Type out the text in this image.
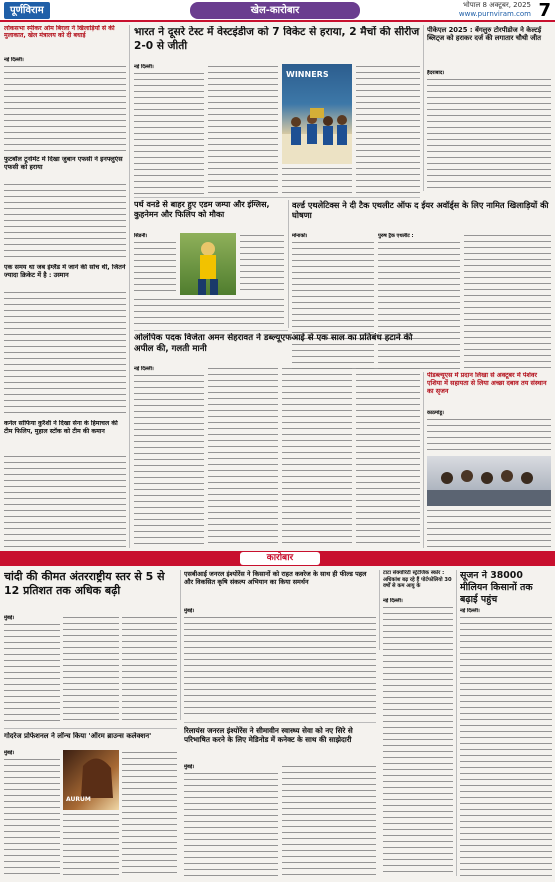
पूर्णविराम	खेल-कारोबार	भोपाल 8 अक्टूबर, 2025
www.purnviram.com 7
लोकसभा स्पीकर ओम बिरला ने खिलाड़ियों से की मुलाकात, खेल मंत्रालय को दी बधाई
नई दिल्ली।
फुटबॉल टूर्नामेंट में दिखा जुबान एफसी ने इनफ्लुएंस एफसी को हराया
एक समय था जब इंग्लैंड में जाने की सोच थी, जितने ज्यादा क्रिकेट में है : उस्मान
कर्नल सोफिया कुरैशी ने दिखा सेना के हिमाचल की टीम फिलिप, मुहाल स्टॉक को टीम की कमान
भारत ने दूसरे टेस्ट में वेस्टइंडीज को 7 विकेट से हराया, 2 मैचों की सीरीज 2-0 से जीती
नई दिल्ली।
WINNERS
पीकेएल 2025 : बेंगलुरु टोरपीडोज ने केल्टई ब्लिट्ज को हराकर दर्ज की लगातार चौथी जीत
हैदराबाद।
पर्थ वनडे से बाहर हुए एडम जम्पा और इंग्लिस, कुहनेमन और फिलिप को मौका
सिडनी।
वर्ल्ड एथलेटिक्स ने दी टैक एथलीट ऑफ द ईयर अवॉर्ड्स के लिए नामित खिलाड़ियों की घोषणा
मोनाको।	पुरुष ट्रैक एथलीट :
ओलंपिक पदक विजेता अमन सेहरावत ने डब्ल्यूएफआई से एक साल का प्रतिबंध हटाने की अपील की, गलती मानी
नई दिल्ली।
पीडब्ल्यूएस में प्रदान लिखा से अक्टूबर में पेशेवर एशिया में सहायता से लिया अच्छा दबाव तय संस्थान का सृजन
काठमांडू।
कारोबार
चांदी की कीमत अंतरराष्ट्रीय स्तर से 5 से 12 प्रतिशत तक अधिक बढ़ी
मुंबई।
एसबीआई जनरल इंश्योरेंस ने किसानों को राहत कवरेज के साथ ही फील्ड पहल और विकसित कृषि संकल्प अभियान का किया समर्थन
मुंबई।
टाटा सेक्योरिटी स्ट्रेटेजिक स्कोर : अधिकांश बढ़ रहे हैं पोर्टफोलियो 30 वर्षों से कम आयु के
नई दिल्ली।
सूजन ने 38000 मीलियन किसानों तक बढ़ाई पहुंच
नई दिल्ली।
गोदरेज प्रोफेशनल ने लॉन्च किया 'ऑरम ब्राउन्स कलेक्शन'
मुंबई।
AURUM
रिलायंस जनरल इंश्योरेंस ने सीमावीन स्वास्थ्य सेवा को नए सिरे से परिभाषित करने के लिए मेडिनोड में कनेक्ट के साथ की साझेदारी
मुंबई।
